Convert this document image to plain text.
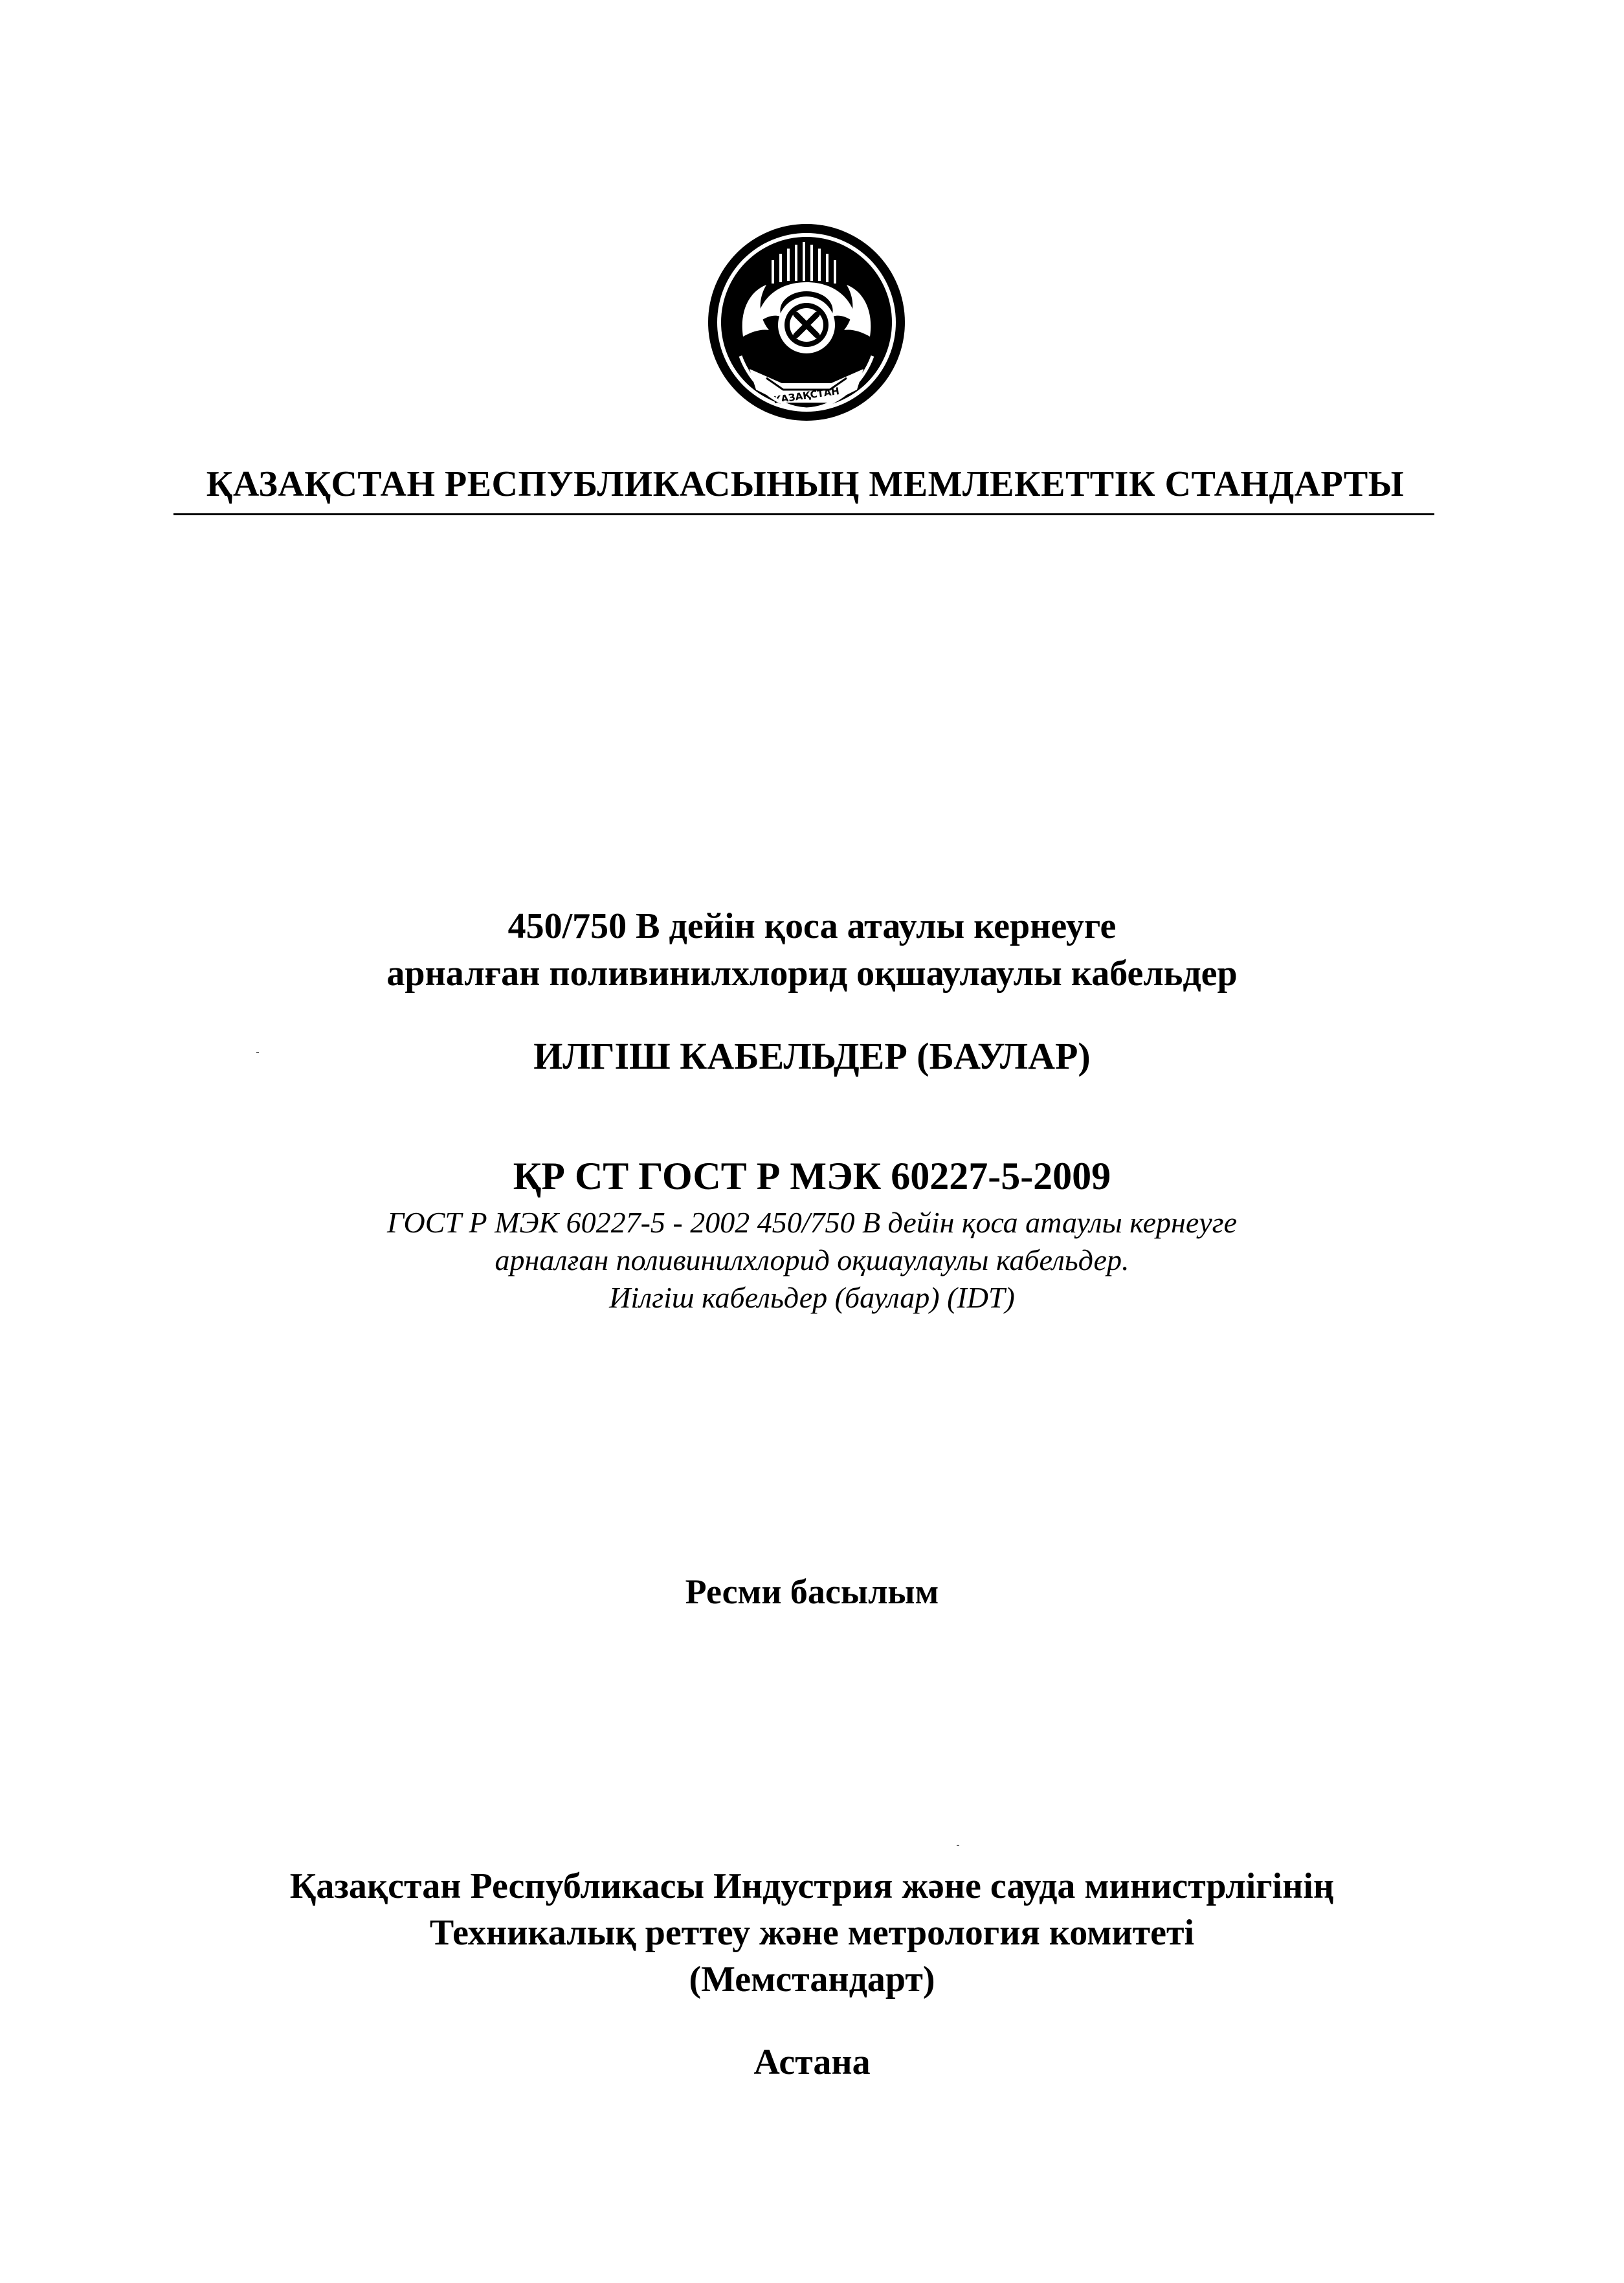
ҚАЗАҚСТАН
ҚАЗАҚСТАН РЕСПУБЛИКАСЫНЫҢ МЕМЛЕКЕТТІК СТАНДАРТЫ
450/750 В дейін қоса атаулы кернеуге
арналған поливинилхлорид оқшаулаулы кабельдер
ИЛГІШ КАБЕЛЬДЕР (БАУЛАР)
ҚР СТ ГОСТ Р МЭК 60227-5-2009
ГОСТ Р МЭК 60227-5 - 2002 450/750 В дейін қоса атаулы кернеуге
арналған поливинилхлорид оқшаулаулы кабельдер.
Иілгіш кабельдер (баулар) (IDT)
Ресми басылым
Қазақстан Республикасы Индустрия және сауда министрлігінің
Техникалық реттеу және метрология комитеті
(Мемстандарт)
Астана
